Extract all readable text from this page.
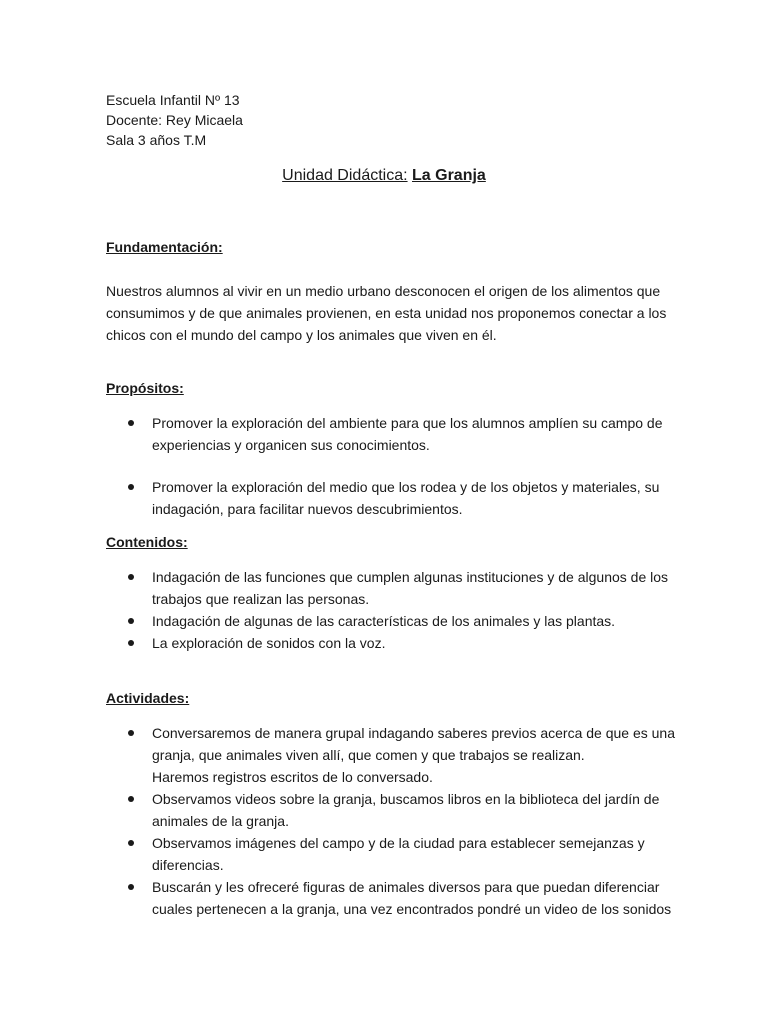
Escuela Infantil Nº 13
Docente: Rey Micaela
Sala 3 años T.M
Unidad Didáctica: La Granja
Fundamentación:
Nuestros alumnos al vivir en un medio urbano desconocen el origen de los alimentos que
consumimos y de que animales provienen, en esta unidad nos proponemos conectar a los
chicos con el mundo del campo y los animales que viven en él.
Propósitos:
Promover la exploración del ambiente para que los alumnos amplíen su campo de
experiencias y organicen sus conocimientos.
Promover la exploración del medio que los rodea y de los objetos y materiales, su
indagación, para facilitar nuevos descubrimientos.
Contenidos:
Indagación de las funciones que cumplen algunas instituciones y de algunos de los
trabajos que realizan las personas.
Indagación de algunas de las características de los animales y las plantas.
La exploración de sonidos con la voz.
Actividades:
Conversaremos de manera grupal indagando saberes previos acerca de que es una
granja, que animales viven allí, que comen y que trabajos se realizan.
Haremos registros escritos de lo conversado.
Observamos videos sobre la granja, buscamos libros en la biblioteca del jardín de
animales de la granja.
Observamos imágenes del campo y de la ciudad para establecer semejanzas y
diferencias.
Buscarán y les ofreceré figuras de animales diversos para que puedan diferenciar
cuales pertenecen a la granja, una vez encontrados pondré un video de los sonidos
